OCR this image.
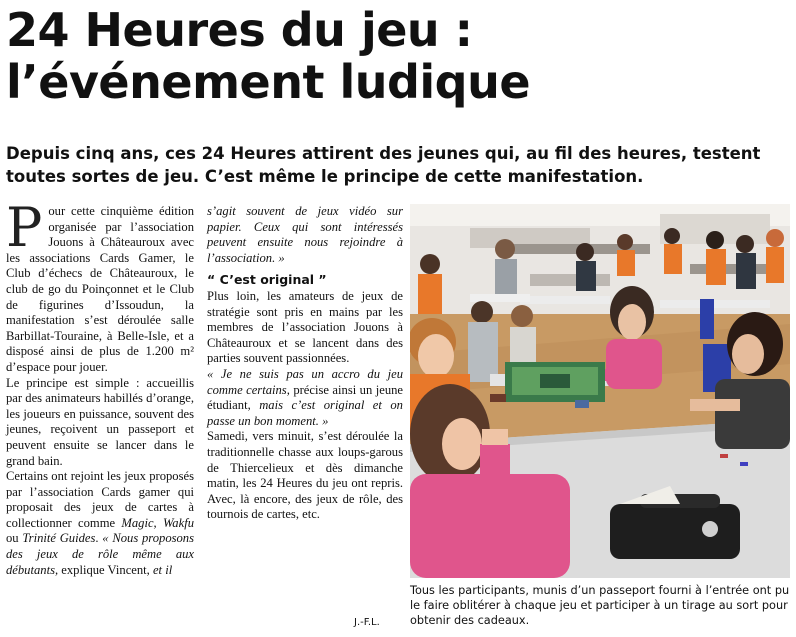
24 Heures du jeu :
l’événement ludique
Depuis cinq ans, ces 24 Heures attirent des jeunes qui, au fil des heures, testent toutes sortes de jeu. C’est même le principe de cette manifestation.

Pour cette cinquième édition organisée par l’association Jouons à Châteauroux avec les associations Cards Gamer, le Club d’échecs de Châteauroux, le club de go du Poinçonnet et le Club de figurines d’Issoudun, la manifestation s’est déroulée salle Barbillat-Touraine, à Belle-Isle, et a disposé ainsi de plus de 1.200 m² d’espace pour jouer.

Le principe est simple : accueillis par des animateurs habillés d’orange, les joueurs en puissance, souvent des jeunes, reçoivent un passeport et peuvent ensuite se lancer dans le grand bain.

Certains ont rejoint les jeux proposés par l’association Cards gamer qui proposait des jeux de cartes à collectionner comme Magic, Wakfu ou Trinité Guides. « Nous proposons des jeux de rôle même aux débutants, explique Vincent, et il

s’agit souvent de jeux vidéo sur papier. Ceux qui sont intéressés peuvent ensuite nous rejoindre à l’association. »

“ C’est original ”

Plus loin, les amateurs de jeux de stratégie sont pris en mains par les membres de l’association Jouons à Châteauroux et se lancent dans des parties souvent passionnées.

« Je ne suis pas un accro du jeu comme certains, précise ainsi un jeune étudiant, mais c’est original et on passe un bon moment. »

Samedi, vers minuit, s’est déroulée la traditionnelle chasse aux loups-garous de Thiercelieux et dès dimanche matin, les 24 Heures du jeu ont repris. Avec, là encore, des jeux de rôle, des tournois de cartes, etc.

J.-F.L.
Tous les participants, munis d’un passeport fourni à l’entrée ont pu le faire oblitérer à chaque jeu et participer à un tirage au sort pour obtenir des cadeaux.
